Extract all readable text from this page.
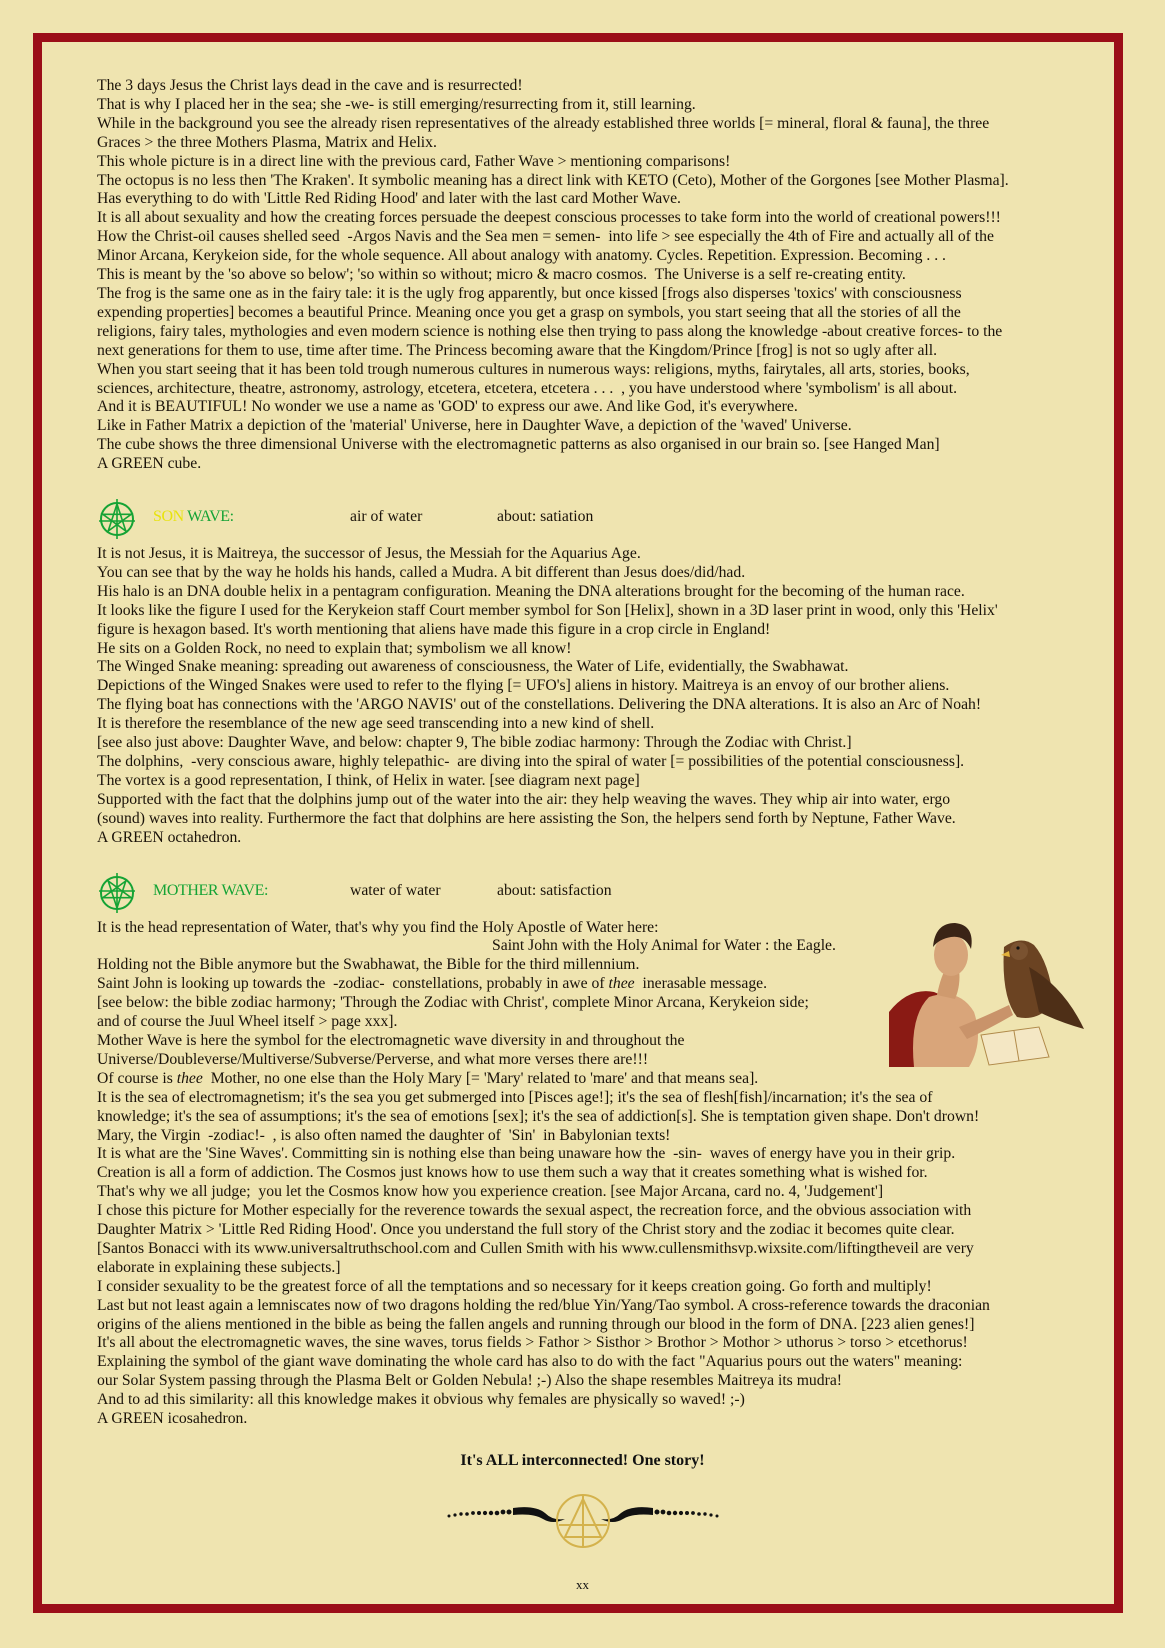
The 3 days Jesus the Christ lays dead in the cave and is resurrected!

That is why I placed her in the sea; she -we- is still emerging/resurrecting from it, still learning.

While in the background you see the already risen representatives of the already established three worlds [= mineral, floral & fauna], the three

Graces > the three Mothers Plasma, Matrix and Helix.

This whole picture is in a direct line with the previous card, Father Wave > mentioning comparisons!

The octopus is no less then 'The Kraken'. It symbolic meaning has a direct link with KETO (Ceto), Mother of the Gorgones [see Mother Plasma].

Has everything to do with 'Little Red Riding Hood' and later with the last card Mother Wave.

It is all about sexuality and how the creating forces persuade the deepest conscious processes to take form into the world of creational powers!!!

How the Christ-oil causes shelled seed  -Argos Navis and the Sea men = semen-  into life > see especially the 4th of Fire and actually all of the

Minor Arcana, Kerykeion side, for the whole sequence. All about analogy with anatomy. Cycles. Repetition. Expression. Becoming . . .

This is meant by the 'so above so below'; 'so within so without; micro & macro cosmos.  The Universe is a self re-creating entity.

The frog is the same one as in the fairy tale: it is the ugly frog apparently, but once kissed [frogs also disperses 'toxics' with consciousness

expending properties] becomes a beautiful Prince. Meaning once you get a grasp on symbols, you start seeing that all the stories of all the

religions, fairy tales, mythologies and even modern science is nothing else then trying to pass along the knowledge -about creative forces- to the

next generations for them to use, time after time. The Princess becoming aware that the Kingdom/Prince [frog] is not so ugly after all.

When you start seeing that it has been told trough numerous cultures in numerous ways: religions, myths, fairytales, all arts, stories, books,

sciences, architecture, theatre, astronomy, astrology, etcetera, etcetera, etcetera . . .  , you have understood where 'symbolism' is all about.

And it is BEAUTIFUL! No wonder we use a name as 'GOD' to express our awe. And like God, it's everywhere.

Like in Father Matrix a depiction of the 'material' Universe, here in Daughter Wave, a depiction of the 'waved' Universe.

The cube shows the three dimensional Universe with the electromagnetic patterns as also organised in our brain so. [see Hanged Man]

A GREEN cube.

SON WAVE:	air of water	about: satiation

It is not Jesus, it is Maitreya, the successor of Jesus, the Messiah for the Aquarius Age.

You can see that by the way he holds his hands, called a Mudra. A bit different than Jesus does/did/had.

His halo is an DNA double helix in a pentagram configuration. Meaning the DNA alterations brought for the becoming of the human race.

It looks like the figure I used for the Kerykeion staff Court member symbol for Son [Helix], shown in a 3D laser print in wood, only this 'Helix'

figure is hexagon based. It's worth mentioning that aliens have made this figure in a crop circle in England!

He sits on a Golden Rock, no need to explain that; symbolism we all know!

The Winged Snake meaning: spreading out awareness of consciousness, the Water of Life, evidentially, the Swabhawat.

Depictions of the Winged Snakes were used to refer to the flying [= UFO's] aliens in history. Maitreya is an envoy of our brother aliens.

The flying boat has connections with the 'ARGO NAVIS' out of the constellations. Delivering the DNA alterations. It is also an Arc of Noah!

It is therefore the resemblance of the new age seed transcending into a new kind of shell.

[see also just above: Daughter Wave, and below: chapter 9, The bible zodiac harmony: Through the Zodiac with Christ.]

The dolphins,  -very conscious aware, highly telepathic-  are diving into the spiral of water [= possibilities of the potential consciousness].

The vortex is a good representation, I think, of Helix in water. [see diagram next page]

Supported with the fact that the dolphins jump out of the water into the air: they help weaving the waves. They whip air into water, ergo

(sound) waves into reality. Furthermore the fact that dolphins are here assisting the Son, the helpers send forth by Neptune, Father Wave.

A GREEN octahedron.

MOTHER WAVE:	water of water	about: satisfaction

It is the head representation of Water, that's why you find the Holy Apostle of Water here:

Saint John with the Holy Animal for Water : the Eagle.

Holding not the Bible anymore but the Swabhawat, the Bible for the third millennium.

Saint John is looking up towards the  -zodiac-  constellations, probably in awe of thee  inerasable message.

[see below: the bible zodiac harmony; 'Through the Zodiac with Christ', complete Minor Arcana, Kerykeion side;

and of course the Juul Wheel itself > page xxx].

Mother Wave is here the symbol for the electromagnetic wave diversity in and throughout the

Universe/Doubleverse/Multiverse/Subverse/Perverse, and what more verses there are!!!

Of course is thee  Mother, no one else than the Holy Mary [= 'Mary' related to 'mare' and that means sea].

It is the sea of electromagnetism; it's the sea you get submerged into [Pisces age!]; it's the sea of flesh[fish]/incarnation; it's the sea of

knowledge; it's the sea of assumptions; it's the sea of emotions [sex]; it's the sea of addiction[s]. She is temptation given shape. Don't drown!

Mary, the Virgin  -zodiac!-  , is also often named the daughter of  'Sin'  in Babylonian texts!

It is what are the 'Sine Waves'. Committing sin is nothing else than being unaware how the  -sin-  waves of energy have you in their grip.

Creation is all a form of addiction. The Cosmos just knows how to use them such a way that it creates something what is wished for.

That's why we all judge;  you let the Cosmos know how you experience creation. [see Major Arcana, card no. 4, 'Judgement']

I chose this picture for Mother especially for the reverence towards the sexual aspect, the recreation force, and the obvious association with

Daughter Matrix > 'Little Red Riding Hood'. Once you understand the full story of the Christ story and the zodiac it becomes quite clear.

[Santos Bonacci with its www.universaltruthschool.com and Cullen Smith with his www.cullensmithsvp.wixsite.com/liftingtheveil are very

elaborate in explaining these subjects.]

I consider sexuality to be the greatest force of all the temptations and so necessary for it keeps creation going. Go forth and multiply!

Last but not least again a lemniscates now of two dragons holding the red/blue Yin/Yang/Tao symbol. A cross-reference towards the draconian

origins of the aliens mentioned in the bible as being the fallen angels and running through our blood in the form of DNA. [223 alien genes!]

It's all about the electromagnetic waves, the sine waves, torus fields > Fathor > Sisthor > Brothor > Mothor > uthorus > torso > etcethorus!

Explaining the symbol of the giant wave dominating the whole card has also to do with the fact "Aquarius pours out the waters" meaning:

our Solar System passing through the Plasma Belt or Golden Nebula! ;-) Also the shape resembles Maitreya its mudra!

And to ad this similarity: all this knowledge makes it obvious why females are physically so waved! ;-)

A GREEN icosahedron.

It's ALL interconnected! One story!
xx
